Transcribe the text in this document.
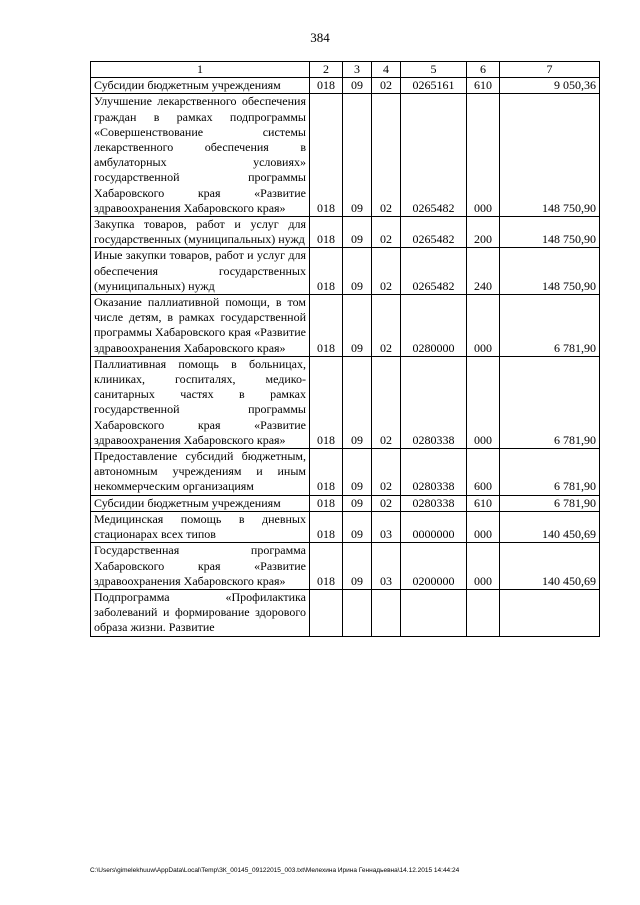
384
1	2	3	4	5	6	7
Субсидии бюджетным учреждениям	018	09	02	0265161	610	9 050,36
Улучшение лекарственного обеспечения граждан в рамках подпрограммы «Совершенствование системы лекарственного обеспечения в амбулаторных условиях» государственной программы Хабаровского края «Развитие здравоохранения Хабаровского края»	018	09	02	0265482	000	148 750,90
Закупка товаров, работ и услуг для государственных (муниципальных) нужд	018	09	02	0265482	200	148 750,90
Иные закупки товаров, работ и услуг для обеспечения государственных (муниципальных) нужд	018	09	02	0265482	240	148 750,90
Оказание паллиативной помощи, в том числе детям, в рамках государственной программы Хабаровского края «Развитие здравоохранения Хабаровского края»	018	09	02	0280000	000	6 781,90
Паллиативная помощь в больницах, клиниках, госпиталях, медико-санитарных частях в рамках государственной программы Хабаровского края «Развитие здравоохранения Хабаровского края»	018	09	02	0280338	000	6 781,90
Предоставление субсидий бюджетным, автономным учреждениям и иным некоммерческим организациям	018	09	02	0280338	600	6 781,90
Субсидии бюджетным учреждениям	018	09	02	0280338	610	6 781,90
Медицинская помощь в дневных стационарах всех типов	018	09	03	0000000	000	140 450,69
Государственная программа Хабаровского края «Развитие здравоохранения Хабаровского края»	018	09	03	0200000	000	140 450,69
Подпрограмма «Профилактика заболеваний и формирование здорового образа жизни. Развитие						
C:\Users\gimelekhuuw\AppData\Local\Temp\ЗК_00145_09122015_003.txt\Мелехина Ирина Геннадьевна\14.12.2015 14:44:24
